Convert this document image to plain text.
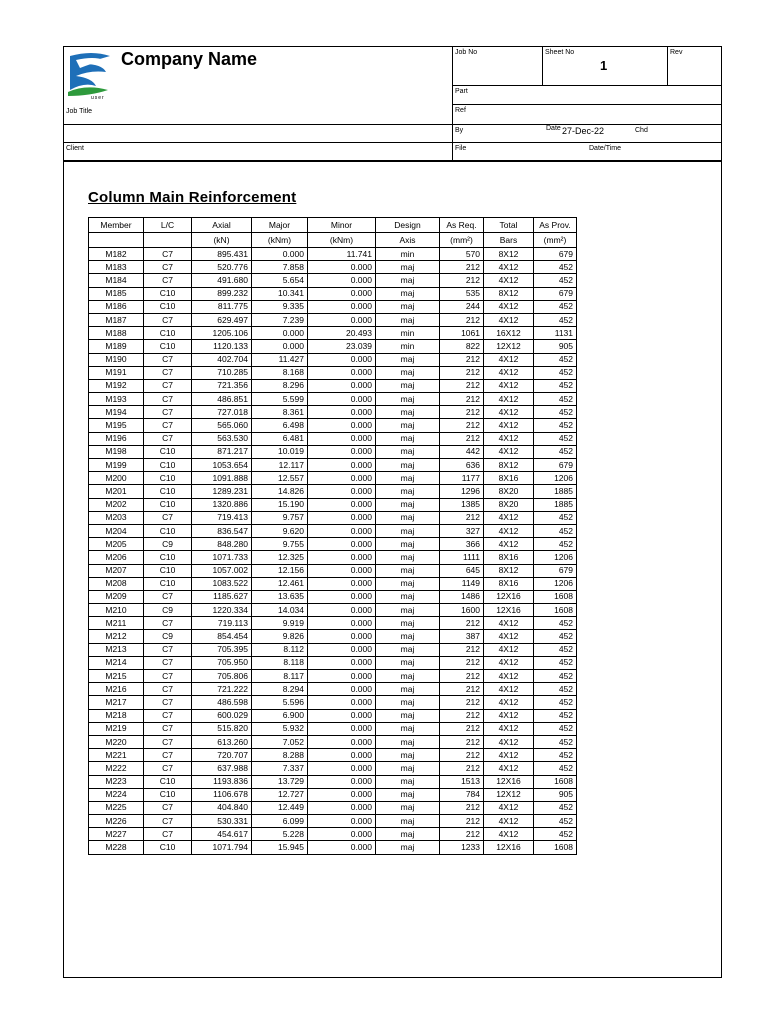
Company Name
user
Job No	Sheet No
1
Rev
Part
Job Title	Ref
By	Date 27-Dec-22	Chd
Client	File	Date/Time
Column Main Reinforcement
Member	L/C	Axial	Major	Minor	Design	As Req.	Total	As Prov.
		(kN)	(kNm)	(kNm)	Axis	(mm²)	Bars	(mm²)
M182	C7	895.431	0.000	11.741	min	570	8X12	679
M183	C7	520.776	7.858	0.000	maj	212	4X12	452
M184	C7	491.680	5.654	0.000	maj	212	4X12	452
M185	C10	899.232	10.341	0.000	maj	535	8X12	679
M186	C10	811.775	9.335	0.000	maj	244	4X12	452
M187	C7	629.497	7.239	0.000	maj	212	4X12	452
M188	C10	1205.106	0.000	20.493	min	1061	16X12	1131
M189	C10	1120.133	0.000	23.039	min	822	12X12	905
M190	C7	402.704	11.427	0.000	maj	212	4X12	452
M191	C7	710.285	8.168	0.000	maj	212	4X12	452
M192	C7	721.356	8.296	0.000	maj	212	4X12	452
M193	C7	486.851	5.599	0.000	maj	212	4X12	452
M194	C7	727.018	8.361	0.000	maj	212	4X12	452
M195	C7	565.060	6.498	0.000	maj	212	4X12	452
M196	C7	563.530	6.481	0.000	maj	212	4X12	452
M198	C10	871.217	10.019	0.000	maj	442	4X12	452
M199	C10	1053.654	12.117	0.000	maj	636	8X12	679
M200	C10	1091.888	12.557	0.000	maj	1177	8X16	1206
M201	C10	1289.231	14.826	0.000	maj	1296	8X20	1885
M202	C10	1320.886	15.190	0.000	maj	1385	8X20	1885
M203	C7	719.413	9.757	0.000	maj	212	4X12	452
M204	C10	836.547	9.620	0.000	maj	327	4X12	452
M205	C9	848.280	9.755	0.000	maj	366	4X12	452
M206	C10	1071.733	12.325	0.000	maj	1111	8X16	1206
M207	C10	1057.002	12.156	0.000	maj	645	8X12	679
M208	C10	1083.522	12.461	0.000	maj	1149	8X16	1206
M209	C7	1185.627	13.635	0.000	maj	1486	12X16	1608
M210	C9	1220.334	14.034	0.000	maj	1600	12X16	1608
M211	C7	719.113	9.919	0.000	maj	212	4X12	452
M212	C9	854.454	9.826	0.000	maj	387	4X12	452
M213	C7	705.395	8.112	0.000	maj	212	4X12	452
M214	C7	705.950	8.118	0.000	maj	212	4X12	452
M215	C7	705.806	8.117	0.000	maj	212	4X12	452
M216	C7	721.222	8.294	0.000	maj	212	4X12	452
M217	C7	486.598	5.596	0.000	maj	212	4X12	452
M218	C7	600.029	6.900	0.000	maj	212	4X12	452
M219	C7	515.820	5.932	0.000	maj	212	4X12	452
M220	C7	613.260	7.052	0.000	maj	212	4X12	452
M221	C7	720.707	8.288	0.000	maj	212	4X12	452
M222	C7	637.988	7.337	0.000	maj	212	4X12	452
M223	C10	1193.836	13.729	0.000	maj	1513	12X16	1608
M224	C10	1106.678	12.727	0.000	maj	784	12X12	905
M225	C7	404.840	12.449	0.000	maj	212	4X12	452
M226	C7	530.331	6.099	0.000	maj	212	4X12	452
M227	C7	454.617	5.228	0.000	maj	212	4X12	452
M228	C10	1071.794	15.945	0.000	maj	1233	12X16	1608
